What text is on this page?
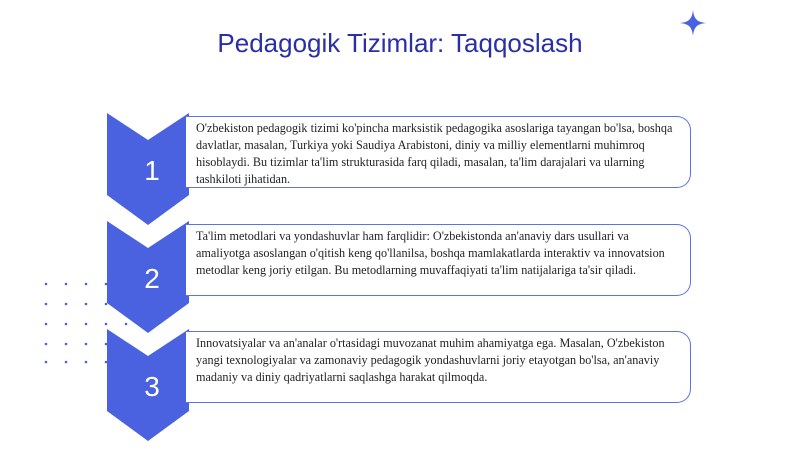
Pedagogik Tizimlar: Taqqoslash
1
2
3

O'zbekiston pedagogik tizimi ko'pincha marksistik pedagogika asoslariga tayangan bo'lsa, boshqa davlatlar, masalan, Turkiya yoki Saudiya Arabistoni, diniy va milliy elementlarni muhimroq hisoblaydi. Bu tizimlar ta'lim strukturasida farq qiladi, masalan, ta'lim darajalari va ularning tashkiloti jihatidan.

Ta'lim metodlari va yondashuvlar ham farqlidir: O'zbekistonda an'anaviy dars usullari va amaliyotga asoslangan o'qitish keng qo'llanilsa, boshqa mamlakatlarda interaktiv va innovatsion metodlar keng joriy etilgan. Bu metodlarning muvaffaqiyati ta'lim natijalariga ta'sir qiladi.

Innovatsiyalar va an'analar o'rtasidagi muvozanat muhim ahamiyatga ega. Masalan, O'zbekiston yangi texnologiyalar va zamonaviy pedagogik yondashuvlarni joriy etayotgan bo'lsa, an'anaviy madaniy va diniy qadriyatlarni saqlashga harakat qilmoqda.
